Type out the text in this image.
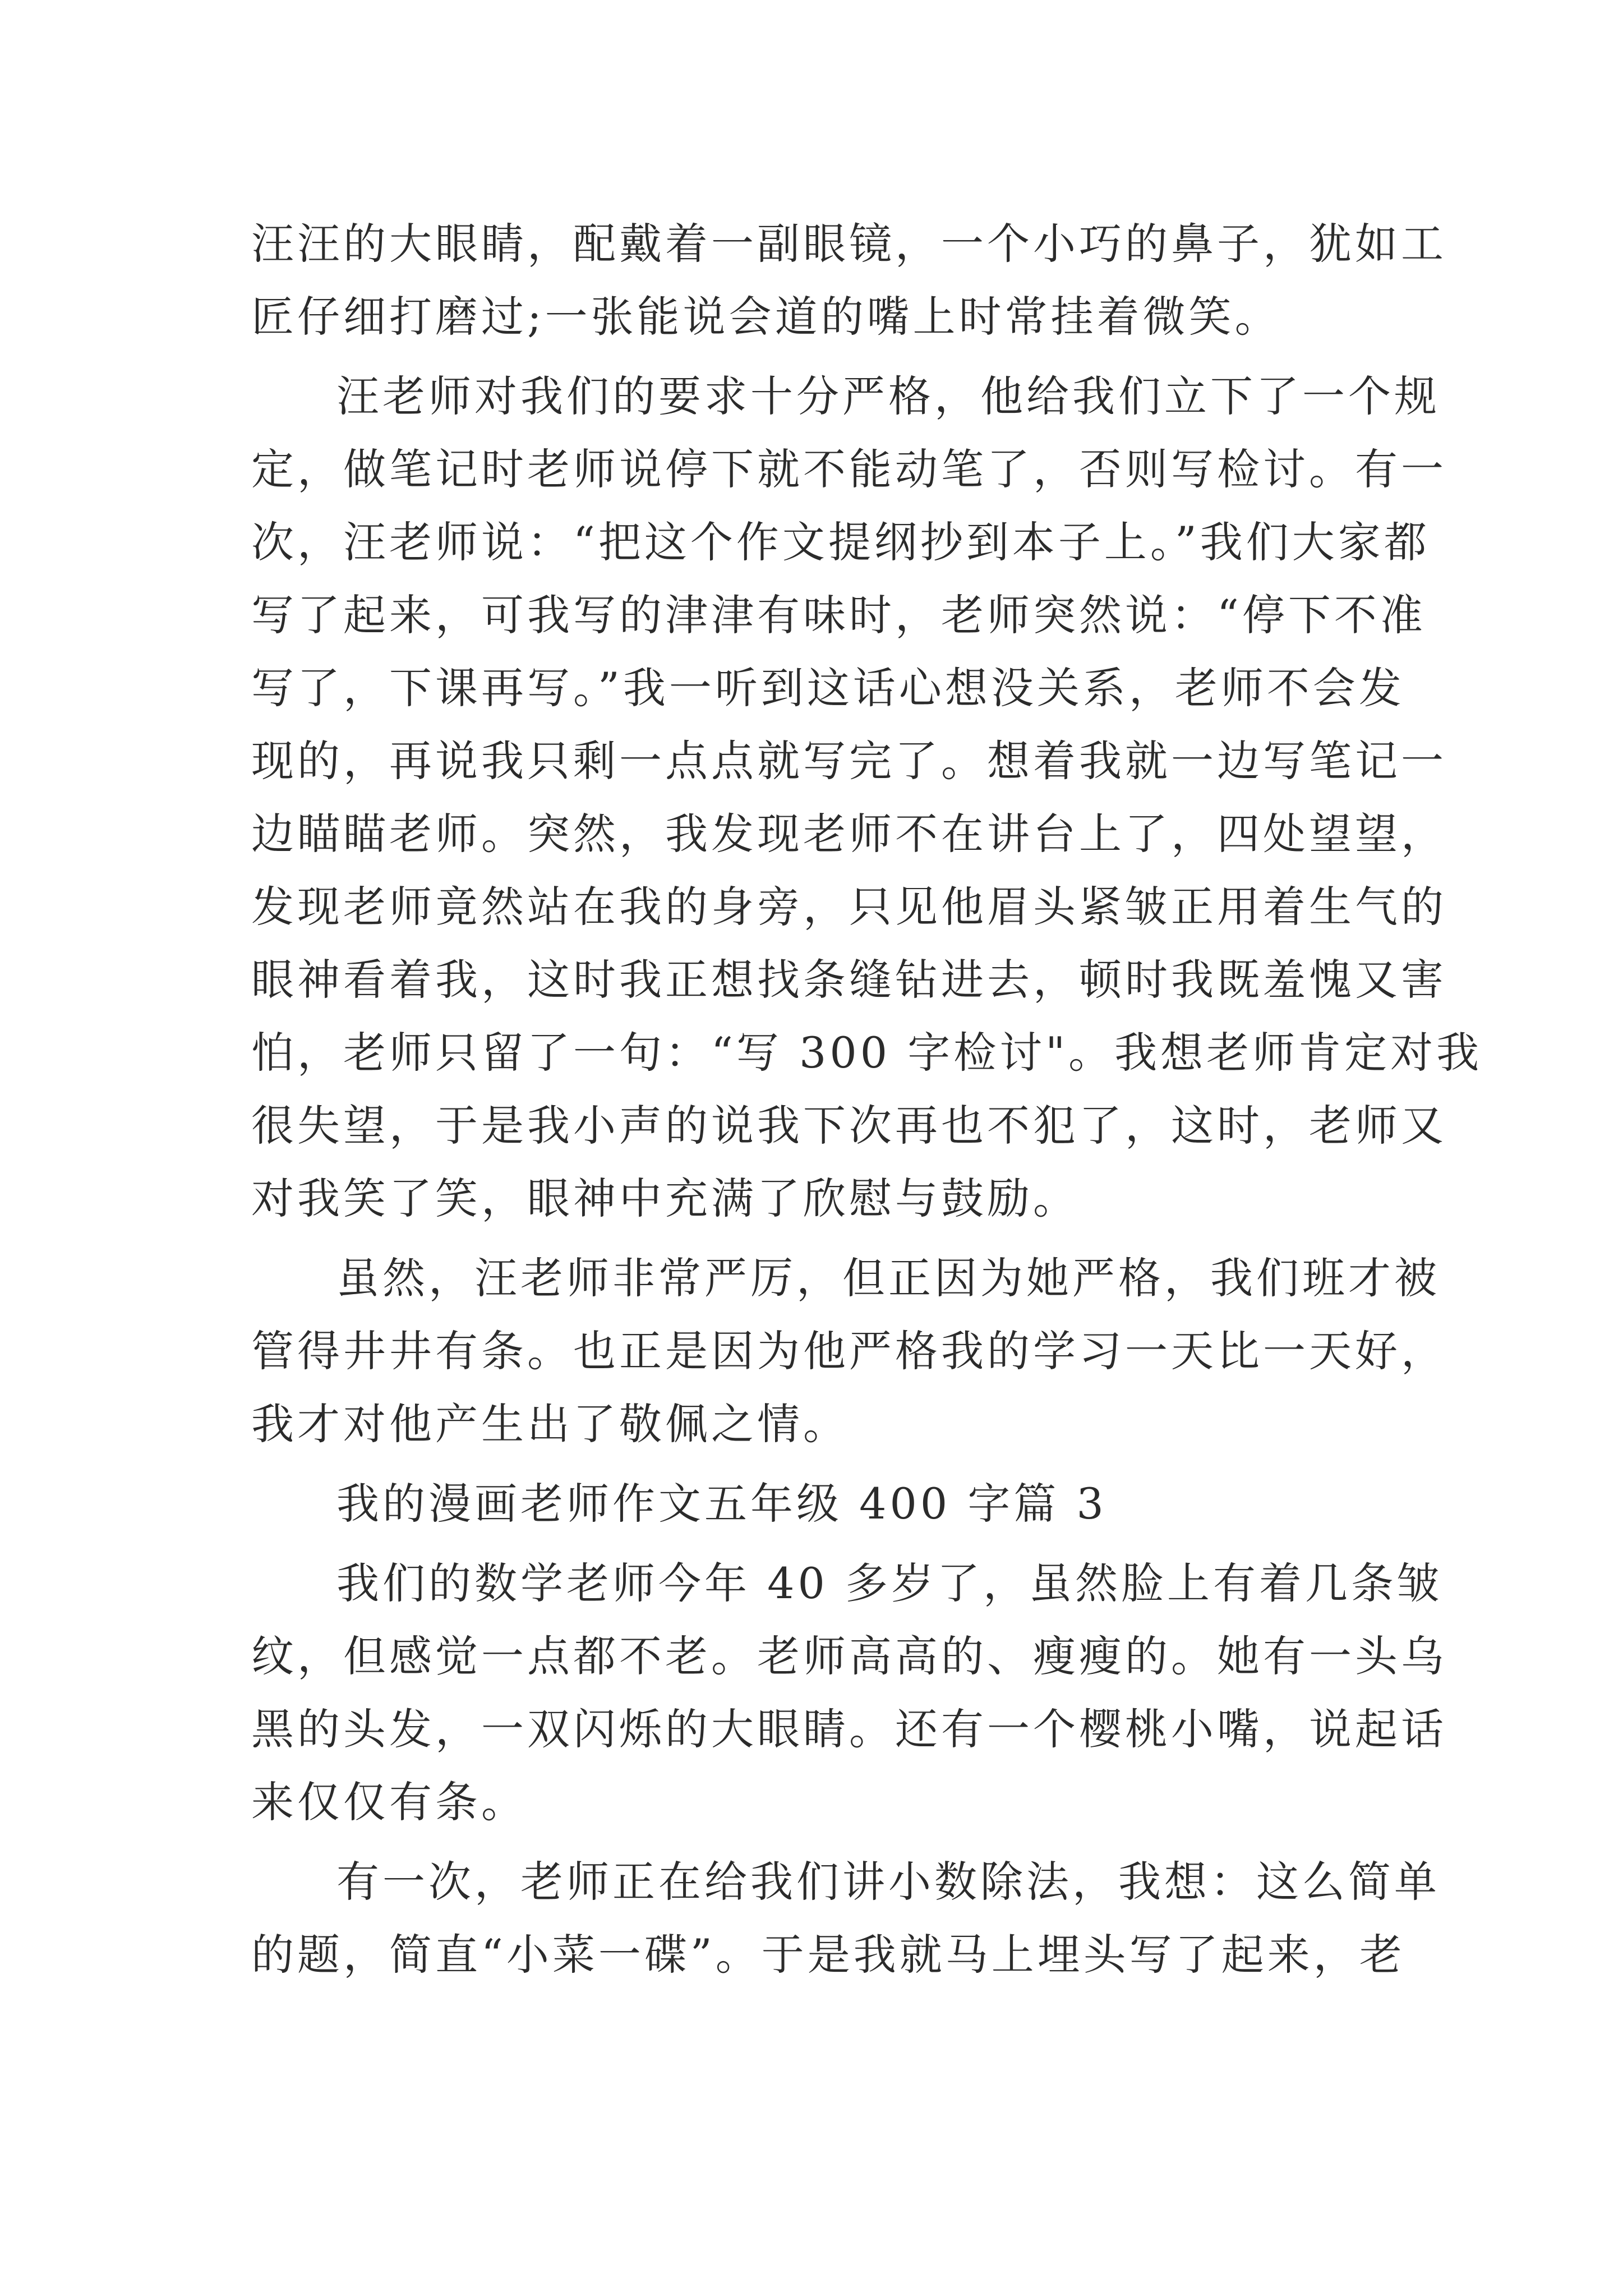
汪汪的大眼睛，配戴着一副眼镜，一个小巧的鼻子，犹如工
匠仔细打磨过;一张能说会道的嘴上时常挂着微笑。
汪老师对我们的要求十分严格，他给我们立下了一个规
定，做笔记时老师说停下就不能动笔了，否则写检讨。有一
次，汪老师说：“把这个作文提纲抄到本子上。”我们大家都
写了起来，可我写的津津有味时，老师突然说：“停下不准
写了，下课再写。”我一听到这话心想没关系，老师不会发
现的，再说我只剩一点点就写完了。想着我就一边写笔记一
边瞄瞄老师。突然，我发现老师不在讲台上了，四处望望，
发现老师竟然站在我的身旁，只见他眉头紧皱正用着生气的
眼神看着我，这时我正想找条缝钻进去，顿时我既羞愧又害
怕，老师只留了一句：“写 300 字检讨"。我想老师肯定对我
很失望，于是我小声的说我下次再也不犯了，这时，老师又
对我笑了笑，眼神中充满了欣慰与鼓励。
虽然，汪老师非常严厉，但正因为她严格，我们班才被
管得井井有条。也正是因为他严格我的学习一天比一天好，
我才对他产生出了敬佩之情。
我的漫画老师作文五年级 400 字篇 3
我们的数学老师今年 40 多岁了，虽然脸上有着几条皱
纹，但感觉一点都不老。老师高高的、瘦瘦的。她有一头乌
黑的头发，一双闪烁的大眼睛。还有一个樱桃小嘴，说起话
来仅仅有条。
有一次，老师正在给我们讲小数除法，我想：这么简单
的题，简直“小菜一碟”。于是我就马上埋头写了起来，老
